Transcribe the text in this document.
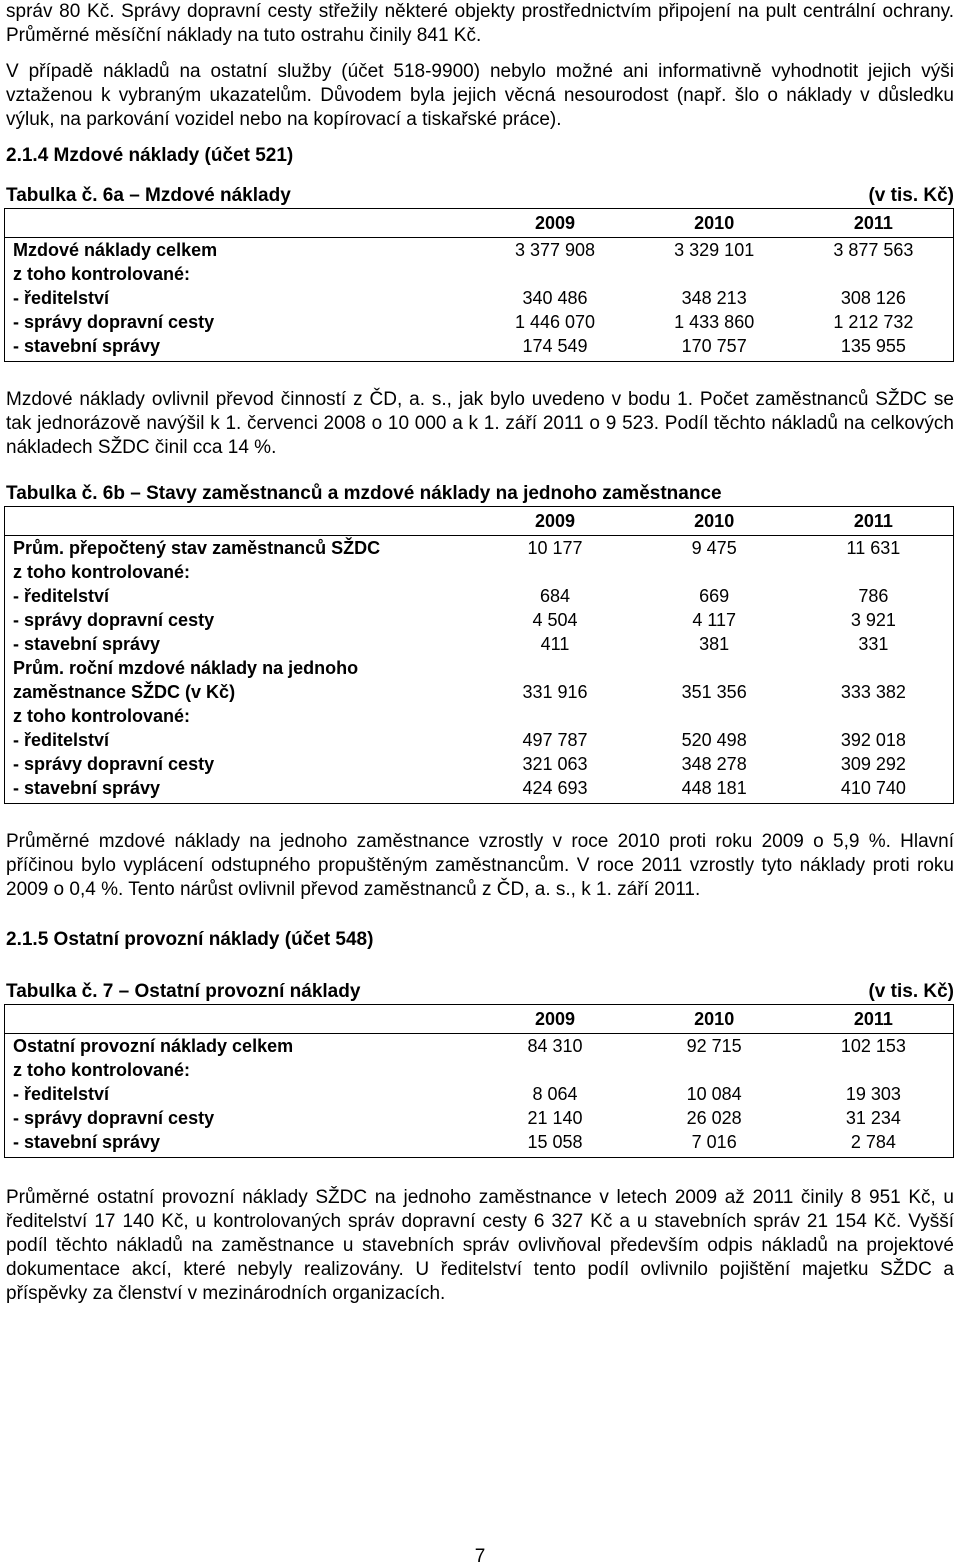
správ 80 Kč. Správy dopravní cesty střežily některé objekty prostřednictvím připojení na pult centrální ochrany. Průměrné měsíční náklady na tuto ostrahu činily 841 Kč.

V případě nákladů na ostatní služby (účet 518-9900) nebylo možné ani informativně vyhodnotit jejich výši vztaženou k vybraným ukazatelům. Důvodem byla jejich věcná nesourodost (např. šlo o náklady v důsledku výluk, na parkování vozidel nebo na kopírovací a tiskařské práce).

2.1.4 Mzdové náklady (účet 521)
Tabulka č. 6a – Mzdové náklady	(v tis. Kč)
	2009	2010	2011
Mzdové náklady celkem	3 377 908	3 329 101	3 877 563
z toho kontrolované:			
- ředitelství	340 486	348 213	308 126
- správy dopravní cesty	1 446 070	1 433 860	1 212 732
- stavební správy	174 549	170 757	135 955

Mzdové náklady ovlivnil převod činností z ČD, a. s., jak bylo uvedeno v bodu 1. Počet zaměstnanců SŽDC se tak jednorázově navýšil k 1. červenci 2008 o 10 000 a k 1. září 2011 o 9 523. Podíl těchto nákladů na celkových nákladech SŽDC činil cca 14 %.

Tabulka č. 6b – Stavy zaměstnanců a mzdové náklady na jednoho zaměstnance
	2009	2010	2011
Prům. přepočtený stav zaměstnanců SŽDC	10 177	9 475	11 631
z toho kontrolované:			
- ředitelství	684	669	786
- správy dopravní cesty	4 504	4 117	3 921
- stavební správy	411	381	331
Prům. roční mzdové náklady na jednoho			
zaměstnance SŽDC (v Kč)	331 916	351 356	333 382
z toho kontrolované:			
- ředitelství	497 787	520 498	392 018
- správy dopravní cesty	321 063	348 278	309 292
- stavební správy	424 693	448 181	410 740

Průměrné mzdové náklady na jednoho zaměstnance vzrostly v roce 2010 proti roku 2009 o 5,9 %. Hlavní příčinou bylo vyplácení odstupného propuštěným zaměstnancům. V roce 2011 vzrostly tyto náklady proti roku 2009 o 0,4 %. Tento nárůst ovlivnil převod zaměstnanců z ČD, a. s., k 1. září 2011.

2.1.5 Ostatní provozní náklady (účet 548)
Tabulka č. 7 – Ostatní provozní náklady	(v tis. Kč)
	2009	2010	2011
Ostatní provozní náklady celkem	84 310	92 715	102 153
z toho kontrolované:			
- ředitelství	8 064	10 084	19 303
- správy dopravní cesty	21 140	26 028	31 234
- stavební správy	15 058	7 016	2 784

Průměrné ostatní provozní náklady SŽDC na jednoho zaměstnance v letech 2009 až 2011 činily 8 951 Kč, u ředitelství 17 140 Kč, u kontrolovaných správ dopravní cesty 6 327 Kč a u stavebních správ 21 154 Kč. Vyšší podíl těchto nákladů na zaměstnance u stavebních správ ovlivňoval především odpis nákladů na projektové dokumentace akcí, které nebyly realizovány. U ředitelství tento podíl ovlivnilo pojištění majetku SŽDC a příspěvky za členství v mezinárodních organizacích.

7
